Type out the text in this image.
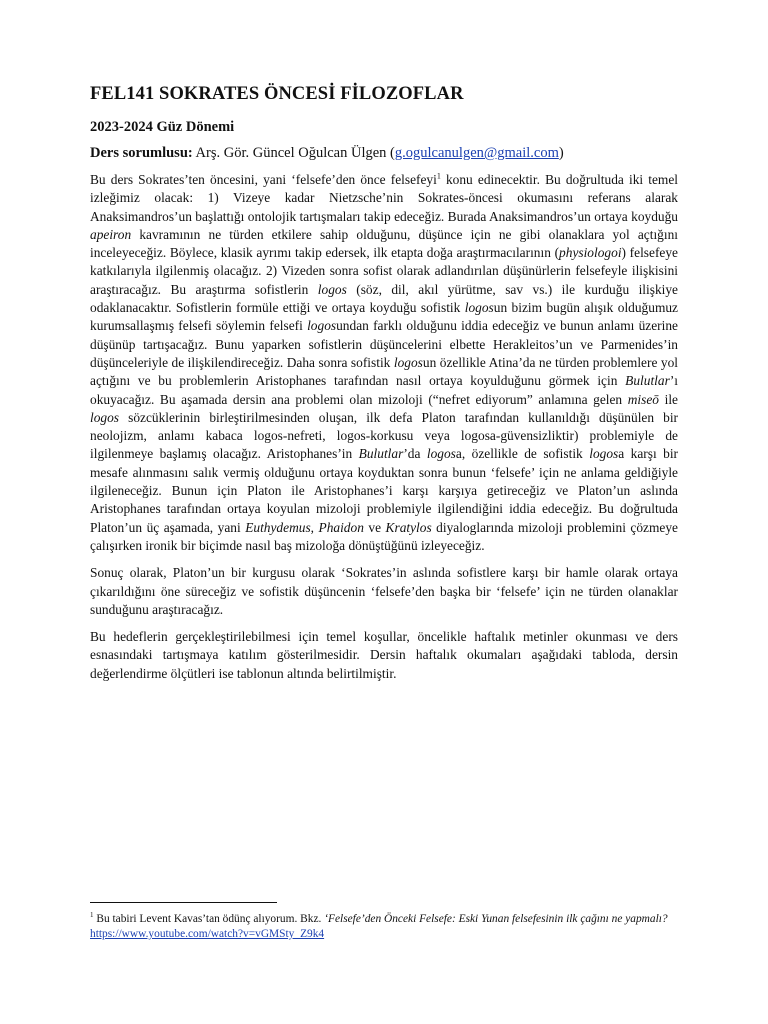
FEL141 SOKRATES ÖNCESİ FİLOZOFLAR

2023-2024 Güz Dönemi

Ders sorumlusu: Arş. Gör. Güncel Oğulcan Ülgen (g.ogulcanulgen@gmail.com)

Bu ders Sokrates’ten öncesini, yani ‘felsefe’den önce felsefeyi$^1$ konu edinecektir. Bu doğrultuda iki temel izleğimiz olacak: 1) Vizeye kadar Nietzsche’nin Sokrates-öncesi okumasını referans alarak Anaksimandros’un başlattığı ontolojik tartışmaları takip edeceğiz. Burada Anaksimandros’un ortaya koyduğu apeiron kavramının ne türden etkilere sahip olduğunu, düşünce için ne gibi olanaklara yol açtığını inceleyeceğiz. Böylece, klasik ayrımı takip edersek, ilk etapta doğa araştırmacılarının (physiologoi) felsefeye katkılarıyla ilgilenmiş olacağız. 2) Vizeden sonra sofist olarak adlandırılan düşünürlerin felsefeyle ilişkisini araştıracağız. Bu araştırma sofistlerin logos (söz, dil, akıl yürütme, sav vs.) ile kurduğu ilişkiye odaklanacaktır. Sofistlerin formüle ettiği ve ortaya koyduğu sofistik logosun bizim bugün alışık olduğumuz kurumsallaşmış felsefi söylemin felsefi logosundan farklı olduğunu iddia edeceğiz ve bunun anlamı üzerine düşünüp tartışacağız. Bunu yaparken sofistlerin düşüncelerini elbette Herakleitos’un ve Parmenides’in düşünceleriyle de ilişkilendireceğiz. Daha sonra sofistik logosun özellikle Atina’da ne türden problemlere yol açtığını ve bu problemlerin Aristophanes tarafından nasıl ortaya koyulduğunu görmek için Bulutlar’ı okuyacağız. Bu aşamada dersin ana problemi olan mizoloji (“nefret ediyorum” anlamına gelen miseō ile logos sözcüklerinin birleştirilmesinden oluşan, ilk defa Platon tarafından kullanıldığı düşünülen bir neolojizm, anlamı kabaca logos-nefreti, logos-korkusu veya logosa-güvensizliktir) problemiyle de ilgilenmeye başlamış olacağız. Aristophanes’in Bulutlar’da logosa, özellikle de sofistik logosa karşı bir mesafe alınmasını salık vermiş olduğunu ortaya koyduktan sonra bunun ‘felsefe’ için ne anlama geldiğiyle ilgileneceğiz. Bunun için Platon ile Aristophanes’i karşı karşıya getireceğiz ve Platon’un aslında Aristophanes tarafından ortaya koyulan mizoloji problemiyle ilgilendiğini iddia edeceğiz. Bu doğrultuda Platon’un üç aşamada, yani Euthydemus, Phaidon ve Kratylos diyaloglarında mizoloji problemini çözmeye çalışırken ironik bir biçimde nasıl baş mizoloğa dönüştüğünü izleyeceğiz.

Sonuç olarak, Platon’un bir kurgusu olarak ‘Sokrates’in aslında sofistlere karşı bir hamle olarak ortaya çıkarıldığını öne süreceğiz ve sofistik düşüncenin ‘felsefe’den başka bir ‘felsefe’ için ne türden olanaklar sunduğunu araştıracağız.

Bu hedeflerin gerçekleştirilebilmesi için temel koşullar, öncelikle haftalık metinler okunması ve ders esnasındaki tartışmaya katılım gösterilmesidir. Dersin haftalık okumaları aşağıdaki tabloda, dersin değerlendirme ölçütleri ise tablonun altında belirtilmiştir.

$^1$ Bu tabiri Levent Kavas’tan ödünç alıyorum. Bkz. ‘Felsefe’den Önceki Felsefe: Eski Yunan felsefesinin ilk çağını ne yapmalı? https://www.youtube.com/watch?v=vGMSty_Z9k4
